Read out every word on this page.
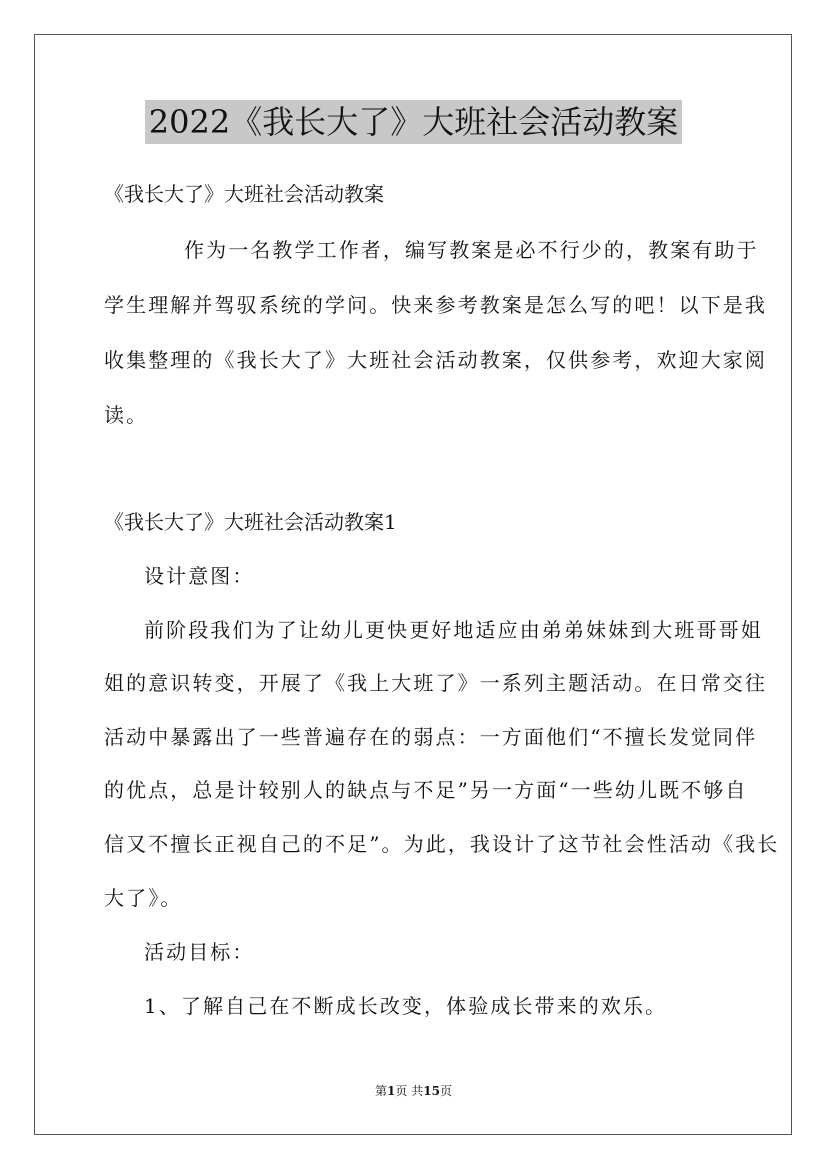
2022《我长大了》大班社会活动教案
《我长大了》大班社会活动教案
作为一名教学工作者，编写教案是必不行少的，教案有助于
学生理解并驾驭系统的学问。快来参考教案是怎么写的吧！以下是我
收集整理的《我长大了》大班社会活动教案，仅供参考，欢迎大家阅
读。
《我长大了》大班社会活动教案1
设计意图：
前阶段我们为了让幼儿更快更好地适应由弟弟妹妹到大班哥哥姐
姐的意识转变，开展了《我上大班了》一系列主题活动。在日常交往
活动中暴露出了一些普遍存在的弱点：一方面他们“不擅长发觉同伴
的优点，总是计较别人的缺点与不足”另一方面“一些幼儿既不够自
信又不擅长正视自己的不足”。为此，我设计了这节社会性活动《我长
大了》。
活动目标：
1、了解自己在不断成长改变，体验成长带来的欢乐。
第1页 共15页
